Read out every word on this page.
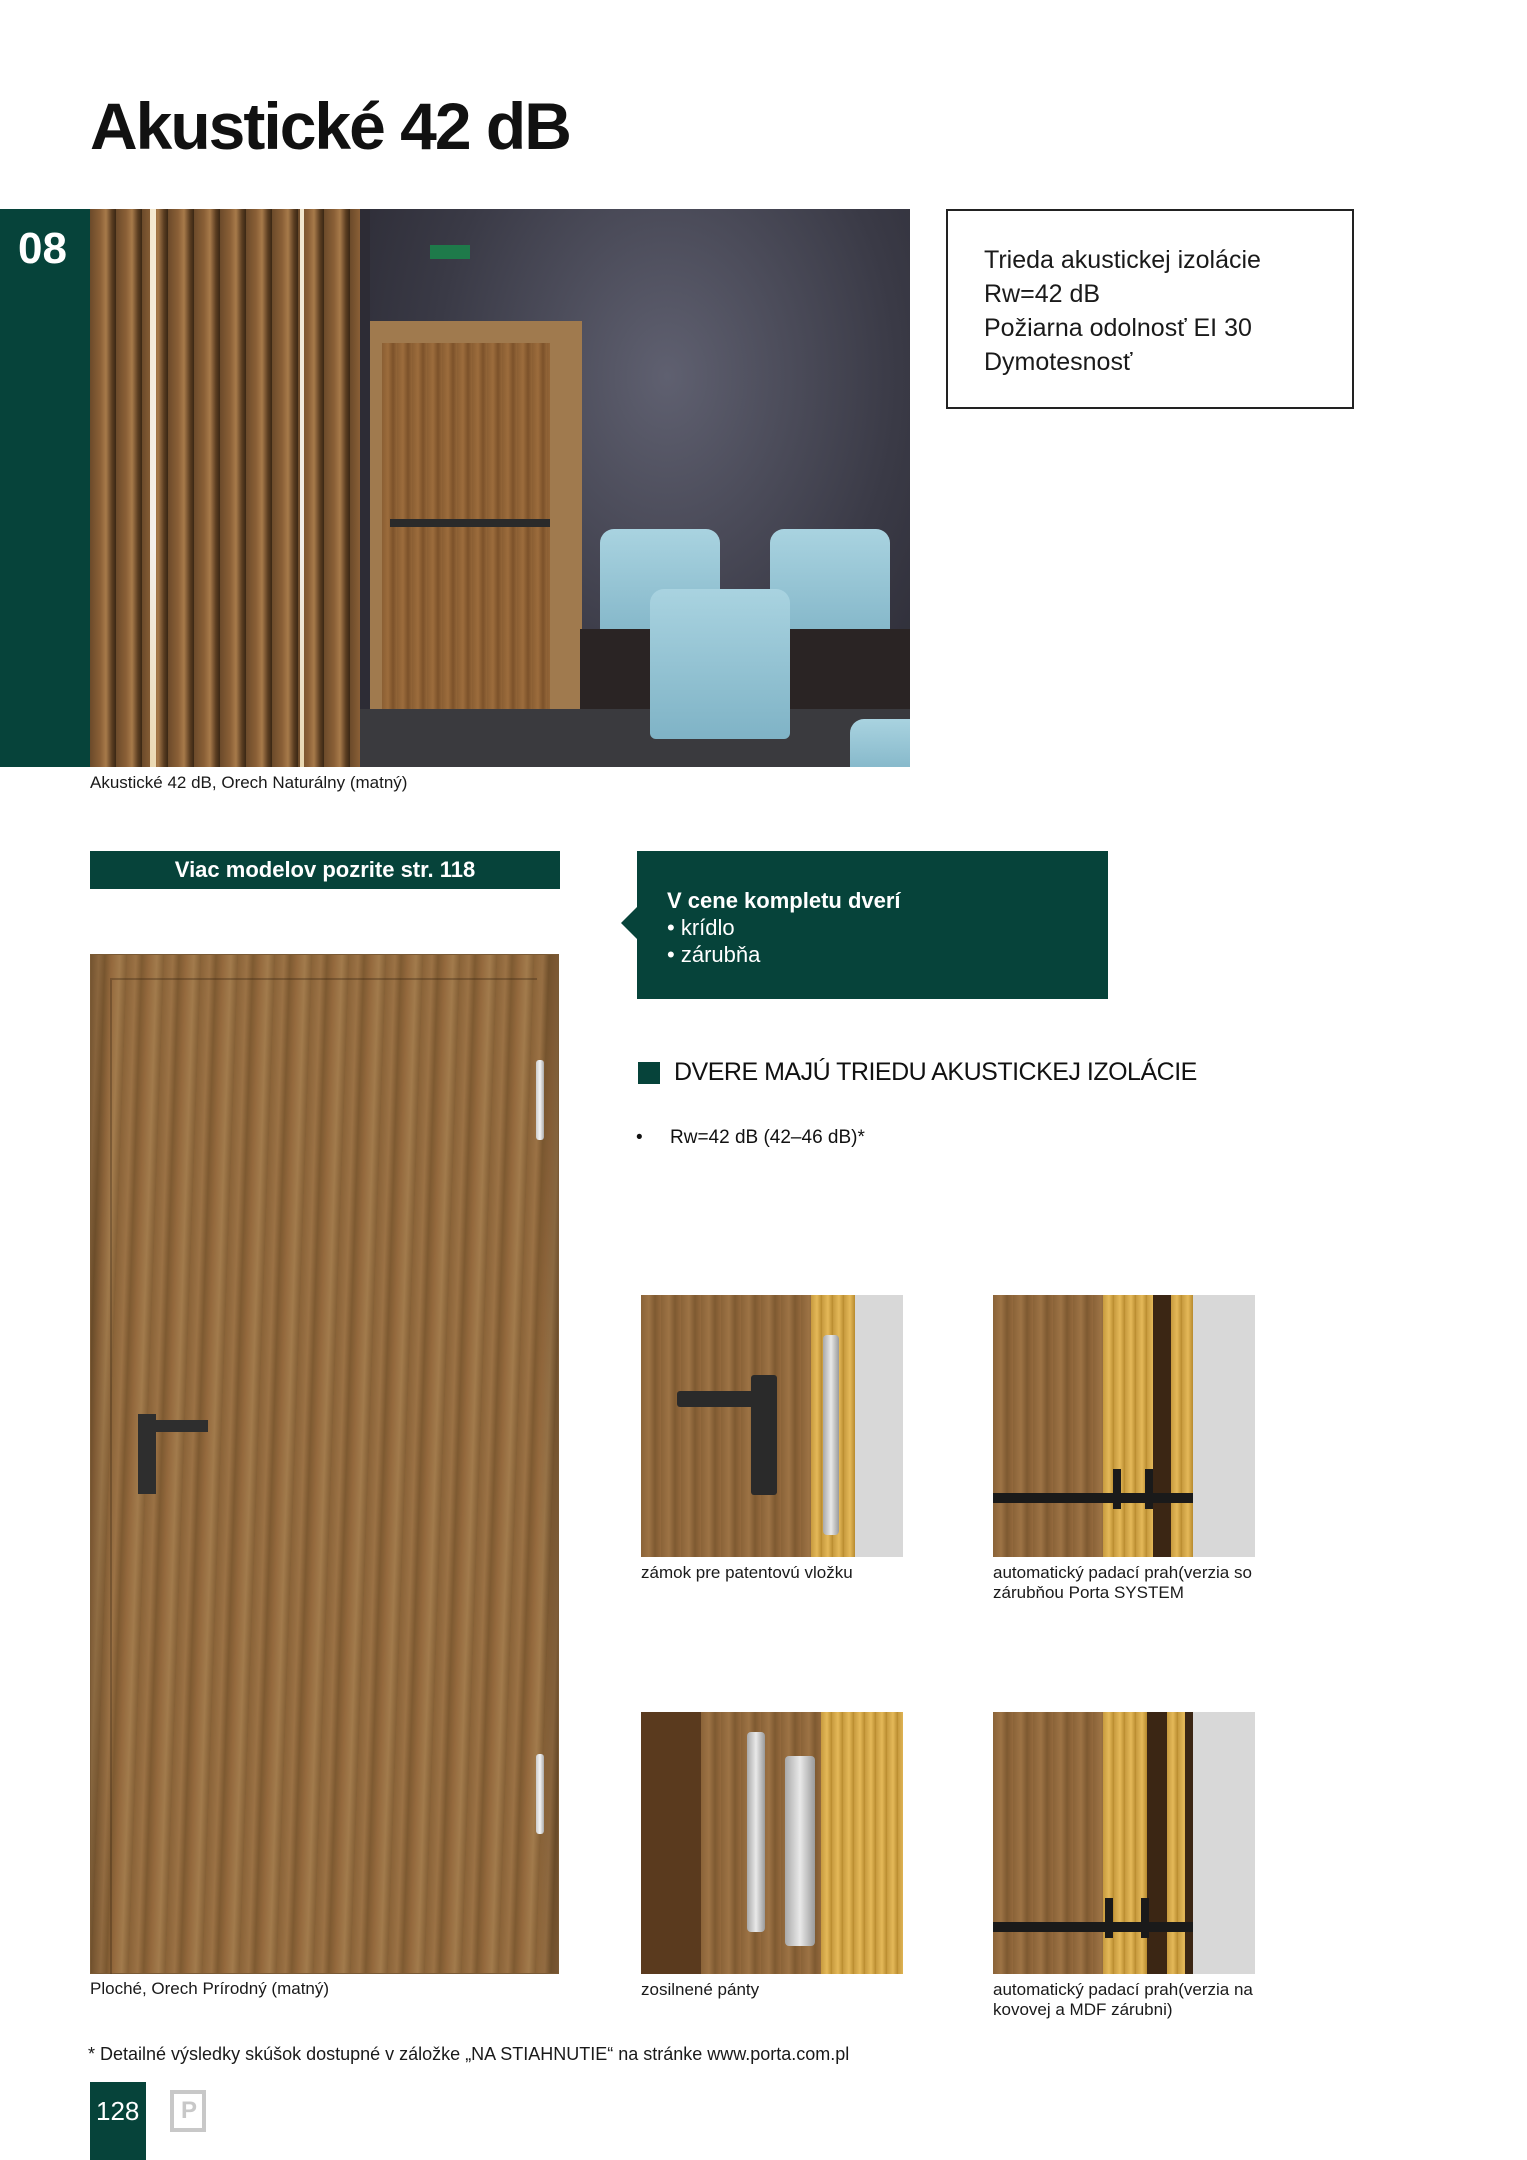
Akustické 42 dB
08
Akustické 42 dB, Orech Naturálny (matný)
Trieda akustickej izolácie
Rw=42 dB
Požiarna odolnosť EI 30
Dymotesnosť
Viac modelov pozrite str. 118
V cene kompletu dverí
• krídlo
• zárubňa
Ploché, Orech Prírodný (matný)
DVERE MAJÚ TRIEDU AKUSTICKEJ IZOLÁCIE
• Rw=42 dB (42–46 dB)*
zámok pre patentovú vložku	automatický padací prah(verzia so
zárubňou Porta SYSTEM
zosilnené pánty	automatický padací prah(verzia na
kovovej a MDF zárubni)
* Detailné výsledky skúšok dostupné v záložke „NA STIAHNUTIE“ na stránke www.porta.com.pl
128 P
